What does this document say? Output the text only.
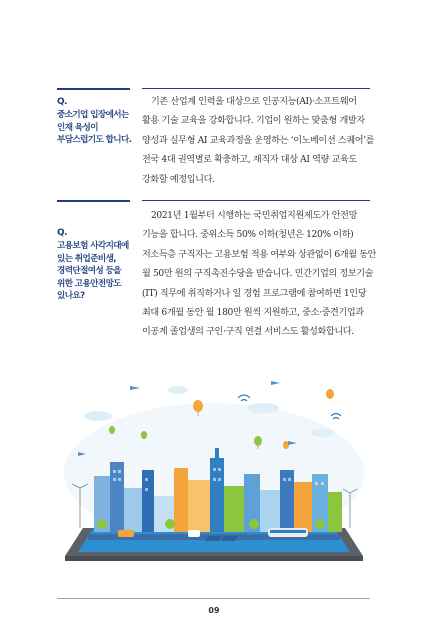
Q.
중소기업 입장에서는
인재 육성이
부담스럽기도 합니다.
기존 산업계 인력을 대상으로 인공지능(AI)·소프트웨어
활용 기술 교육을 강화합니다. 기업이 원하는 맞춤형 개발자
양성과 실무형 AI 교육과정을 운영하는 ‘이노베이션 스퀘어’를
전국 4대 권역별로 확충하고, 재직자 대상 AI 역량 교육도
강화할 예정입니다.
Q.
고용보험 사각지대에
있는 취업준비생,
경력단절여성 등을
위한 고용안전망도
있나요?
2021년 1월부터 시행하는 국민취업지원제도가 안전망
기능을 합니다. 중위소득 50% 이하(청년은 120% 이하)
저소득층 구직자는 고용보험 적용 여부와 상관없이 6개월 동안
월 50만 원의 구직촉진수당을 받습니다. 민간기업의 정보기술
(IT) 직무에 취직하거나 일 경험 프로그램에 참여하면 1인당
최대 6개월 동안 월 180만 원씩 지원하고, 중소·중견기업과
이공계 졸업생의 구인·구직 연결 서비스도 활성화합니다.
09
